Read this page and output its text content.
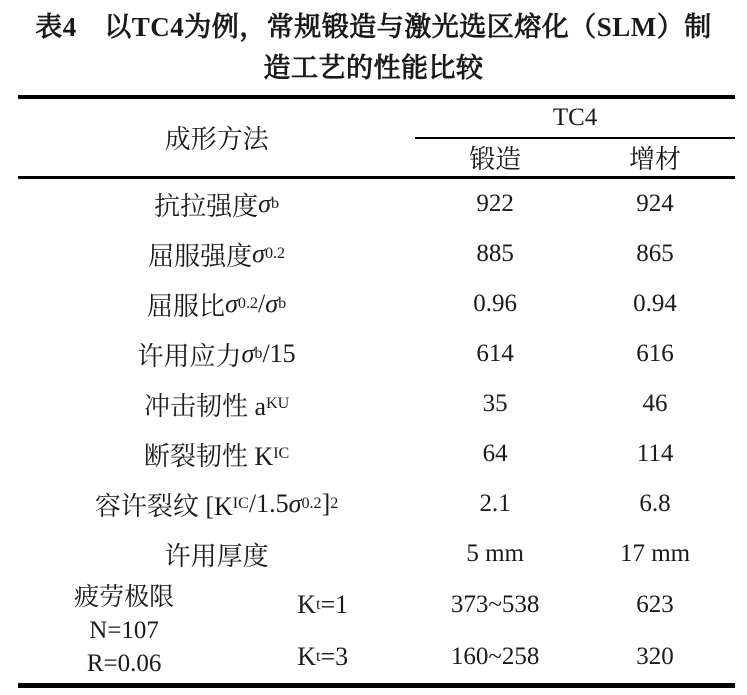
表4　以TC4为例，常规锻造与激光选区熔化（SLM）制
造工艺的性能比较
成形方法
TC4
锻造	增材
抗拉强度 σ b	922	924
屈服强度 σ 0.2	885	865
屈服比 σ 0.2 / σ b	0.96	0.94
许用应力 σ b /15	614	616
冲击韧性 a KU	35	46
断裂韧性 K IC	64	114
容许裂纹 [K IC /1.5 σ 0.2 ] 2	2.1	6.8
许用厚度	5 mm	17 mm
疲劳极限
N=107
R=0.06
K t =1	373~538	623
K t =3	160~258	320
